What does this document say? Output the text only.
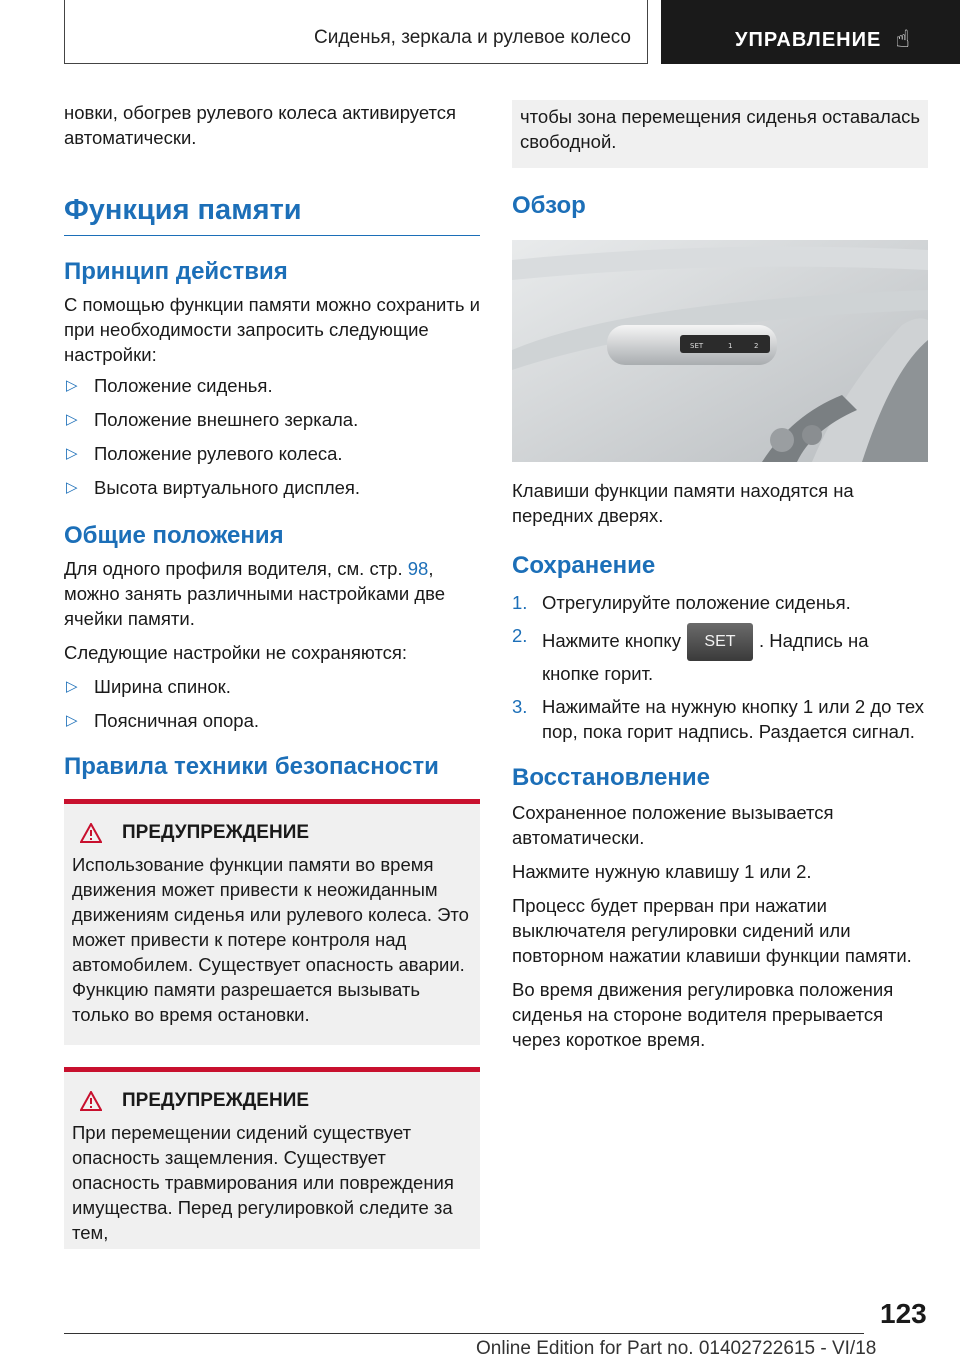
Сиденья, зеркала и рулевое колесо	УПРАВЛЕНИЕ ☝

новки, обогрев рулевого колеса активируется автоматически.

Функция памяти
Принцип действия

С помощью функции памяти можно сохранить и при необходимости запросить следующие настройки:

▷ Положение сиденья.
▷ Положение внешнего зеркала.
▷ Положение рулевого колеса.
▷ Высота виртуального дисплея.
Общие положения

Для одного профиля водителя, см. стр. 98, можно занять различными настройками две ячейки памяти.

Следующие настройки не сохраняются:

▷ Ширина спинок.
▷ Поясничная опора.
Правила техники безопасности
ПРЕДУПРЕЖДЕНИЕ

Использование функции памяти во время движения может привести к неожиданным движениям сиденья или рулевого колеса. Это может привести к потере контроля над автомобилем. Существует опасность аварии. Функцию памяти разрешается вызывать только во время остановки.

ПРЕДУПРЕЖДЕНИЕ

При перемещении сидений существует опасность защемления. Существует опасность травмирования или повреждения имущества. Перед регулировкой следите за тем,

чтобы зона перемещения сиденья оставалась свободной.

Обзор
SET	1	2

Клавиши функции памяти находятся на передних дверях.

Сохранение
1. Отрегулируйте положение сиденья.
2. Нажмите кнопку SET . Надпись на кнопке горит.
3. Нажимайте на нужную кнопку 1 или 2 до тех пор, пока горит надпись. Раздается сигнал.
Восстановление

Сохраненное положение вызывается автоматически.

Нажмите нужную клавишу 1 или 2.

Процесс будет прерван при нажатии выключателя регулировки сидений или повторном нажатии клавиши функции памяти.

Во время движения регулировка положения сиденья на стороне водителя прерывается через короткое время.

123
Online Edition for Part no. 01402722615 - VI/18
